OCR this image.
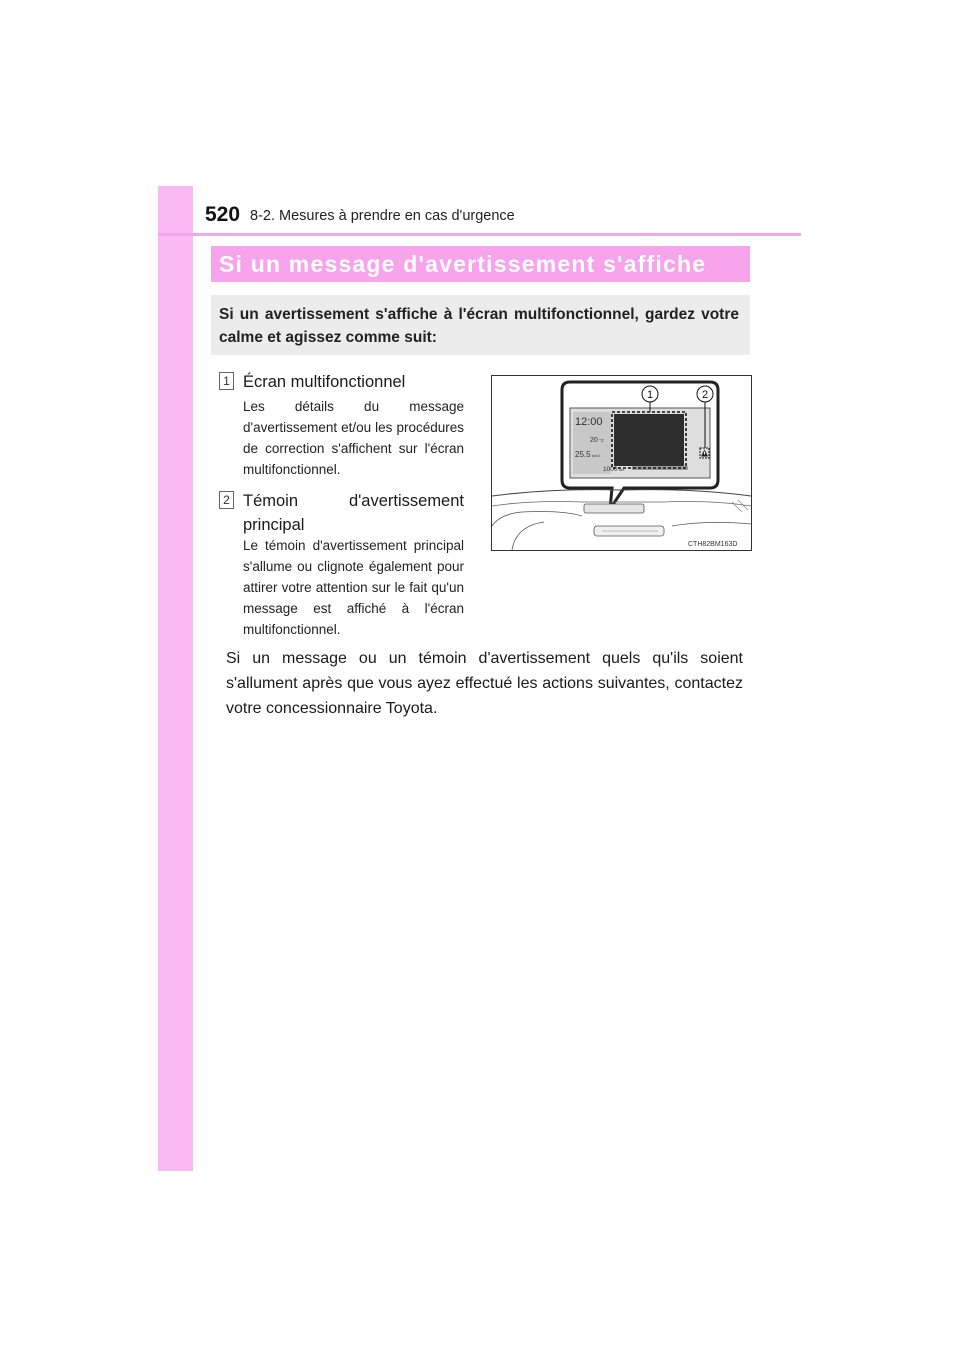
520 8-2. Mesures à prendre en cas d'urgence
Si un message d'avertissement s'affiche
Si un avertissement s'affiche à l'écran multifonctionnel, gardez votre calme et agissez comme suit:
1 Écran multifonctionnel
Les détails du message d'avertissement et/ou les procédures de correction s'affichent sur l'écran multifonctionnel.
2 Témoin d'avertissement principal
Le témoin d'avertissement principal s'allume ou clignote également pour attirer votre attention sur le fait qu'un message est affiché à l'écran multifonctionnel.
12:00
20 °C
25.5 km/L
1000 km
1	2
CTH82BM163D
Si un message ou un témoin d'avertissement quels qu'ils soient s'allument après que vous ayez effectué les actions suivantes, contactez votre concessionnaire Toyota.
